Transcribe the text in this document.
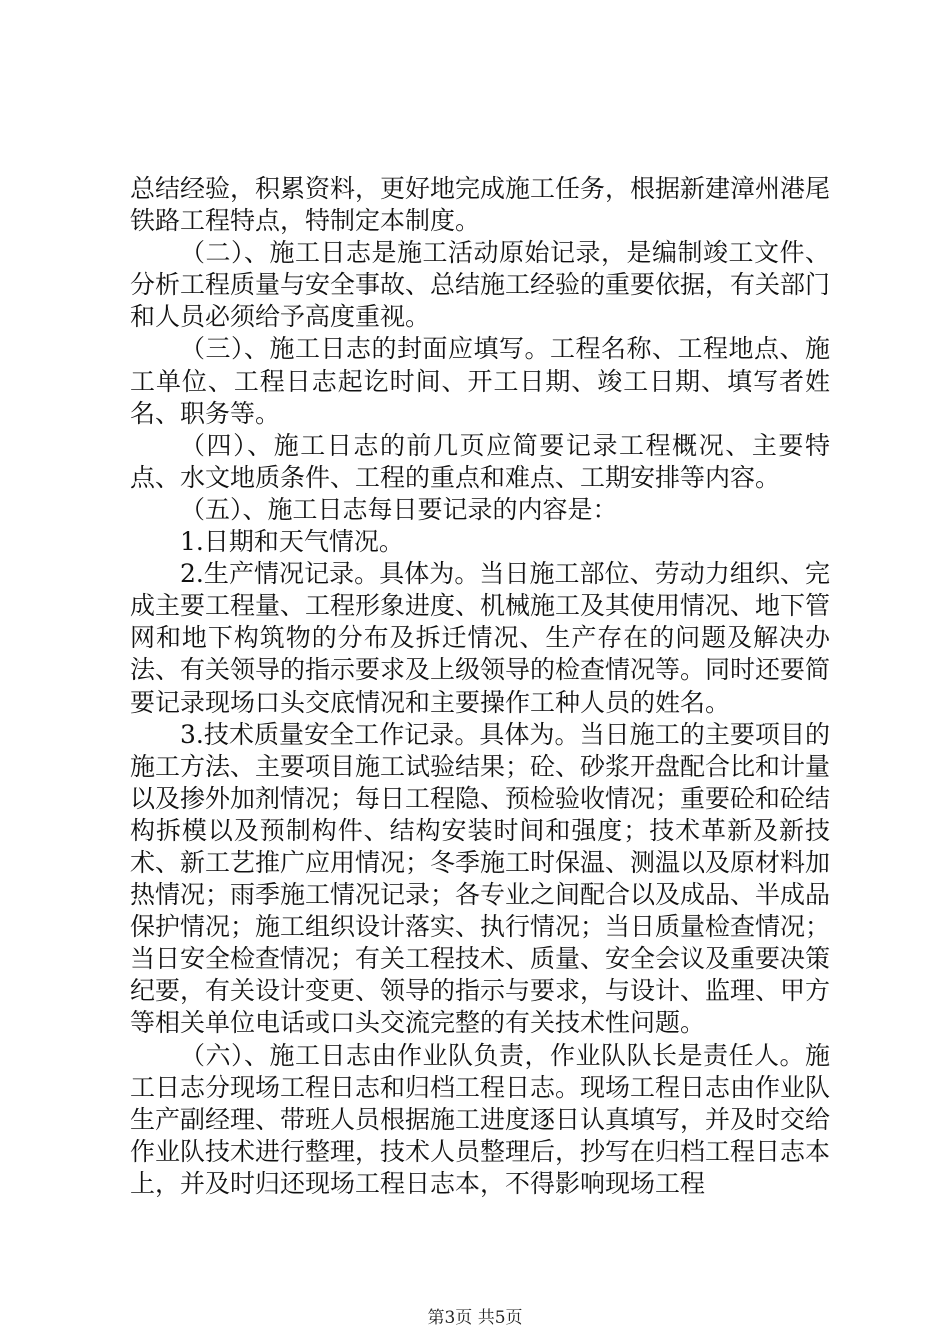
总结经验，积累资料，更好地完成施工任务，根据新建漳州港尾铁路工程特点，特制定本制度。

（二）、施工日志是施工活动原始记录，是编制竣工文件、分析工程质量与安全事故、总结施工经验的重要依据，有关部门和人员必须给予高度重视。

（三）、施工日志的封面应填写。工程名称、工程地点、施工单位、工程日志起讫时间、开工日期、竣工日期、填写者姓名、职务等。

（四）、施工日志的前几页应简要记录工程概况、主要特点、水文地质条件、工程的重点和难点、工期安排等内容。

（五）、施工日志每日要记录的内容是：

1.日期和天气情况。

2.生产情况记录。具体为。当日施工部位、劳动力组织、完成主要工程量、工程形象进度、机械施工及其使用情况、地下管网和地下构筑物的分布及拆迁情况、生产存在的问题及解决办法、有关领导的指示要求及上级领导的检查情况等。同时还要简要记录现场口头交底情况和主要操作工种人员的姓名。

3.技术质量安全工作记录。具体为。当日施工的主要项目的施工方法、主要项目施工试验结果；砼、砂浆开盘配合比和计量以及掺外加剂情况；每日工程隐、预检验收情况；重要砼和砼结构拆模以及预制构件、结构安装时间和强度；技术革新及新技术、新工艺推广应用情况；冬季施工时保温、测温以及原材料加热情况；雨季施工情况记录；各专业之间配合以及成品、半成品保护情况；施工组织设计落实、执行情况；当日质量检查情况；当日安全检查情况；有关工程技术、质量、安全会议及重要决策纪要，有关设计变更、领导的指示与要求，与设计、监理、甲方等相关单位电话或口头交流完整的有关技术性问题。

（六）、施工日志由作业队负责，作业队队长是责任人。施工日志分现场工程日志和归档工程日志。现场工程日志由作业队生产副经理、带班人员根据施工进度逐日认真填写，并及时交给作业队技术进行整理，技术人员整理后，抄写在归档工程日志本上，并及时归还现场工程日志本，不得影响现场工程

第3页 共5页
